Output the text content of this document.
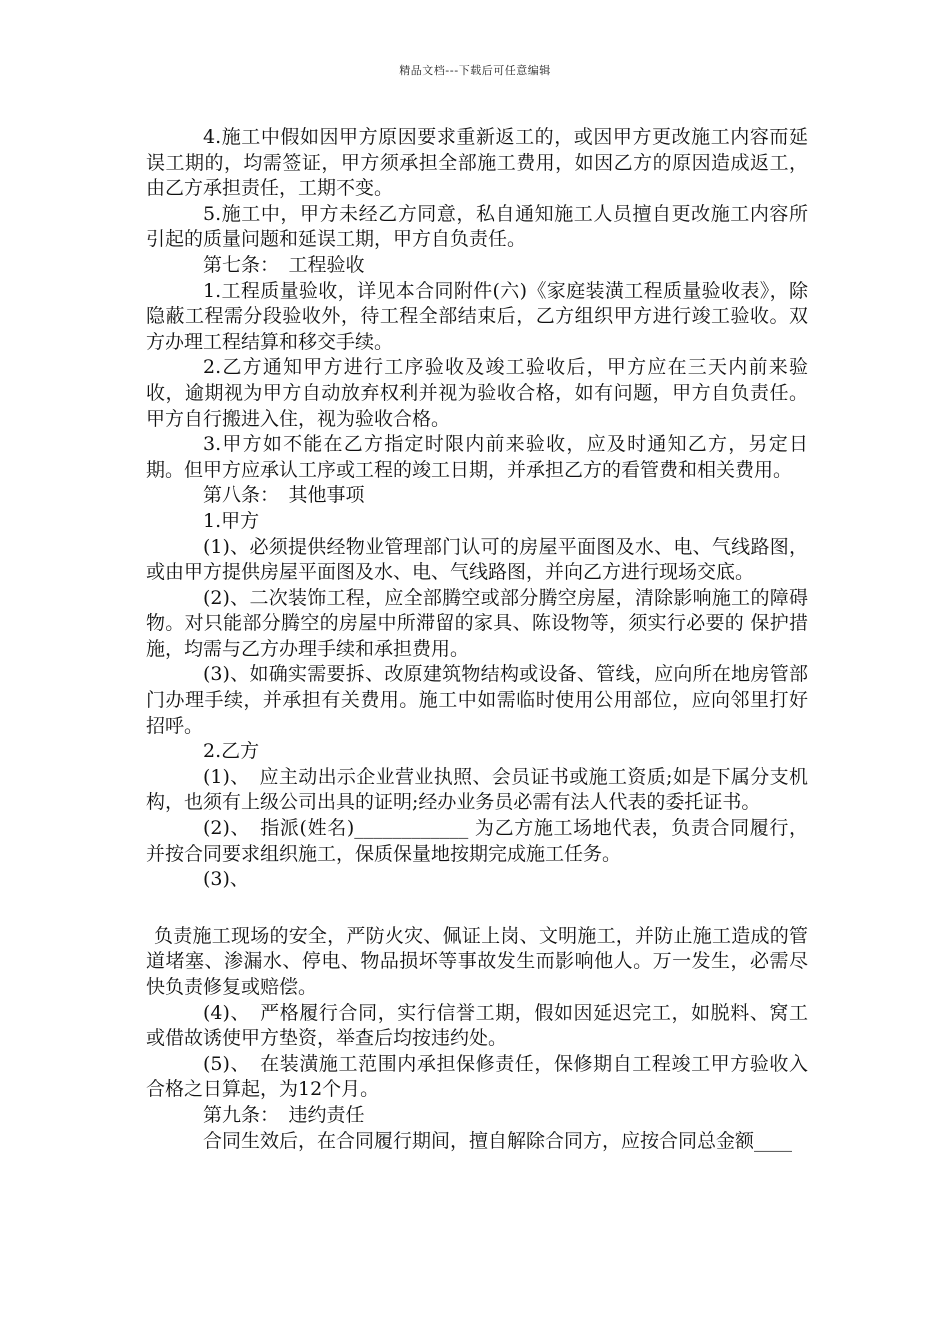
精品文档---下载后可任意编辑

4.施工中假如因甲方原因要求重新返工的，或因甲方更改施工内容而延误工期的，均需签证，甲方须承担全部施工费用，如因乙方的原因造成返工，由乙方承担责任，工期不变。

5.施工中，甲方未经乙方同意，私自通知施工人员擅自更改施工内容所引起的质量问题和延误工期，甲方自负责任。

第七条：　工程验收

1.工程质量验收，详见本合同附件(六)《家庭装潢工程质量验收表》，除隐蔽工程需分段验收外，待工程全部结束后，乙方组织甲方进行竣工验收。双方办理工程结算和移交手续。

2.乙方通知甲方进行工序验收及竣工验收后，甲方应在三天内前来验收，逾期视为甲方自动放弃权利并视为验收合格，如有问题，甲方自负责任。甲方自行搬进入住，视为验收合格。

3.甲方如不能在乙方指定时限内前来验收，应及时通知乙方，另定日期。但甲方应承认工序或工程的竣工日期，并承担乙方的看管费和相关费用。

第八条：　其他事项

1.甲方

(1)、必须提供经物业管理部门认可的房屋平面图及水、电、气线路图，或由甲方提供房屋平面图及水、电、气线路图，并向乙方进行现场交底。

(2)、二次装饰工程，应全部腾空或部分腾空房屋，清除影响施工的障碍物。对只能部分腾空的房屋中所滞留的家具、陈设物等，须实行必要的 保护措施，均需与乙方办理手续和承担费用。

(3)、如确实需要拆、改原建筑物结构或设备、管线，应向所在地房管部门办理手续，并承担有关费用。施工中如需临时使用公用部位，应向邻里打好招呼。

2.乙方

(1)、　应主动出示企业营业执照、会员证书或施工资质;如是下属分支机构，也须有上级公司出具的证明;经办业务员必需有法人代表的委托证书。

(2)、　指派(姓名)____________ 为乙方施工场地代表，负责合同履行，并按合同要求组织施工，保质保量地按期完成施工任务。

(3)、

负责施工现场的安全，严防火灾、佩证上岗、文明施工，并防止施工造成的管道堵塞、渗漏水、停电、物品损坏等事故发生而影响他人。万一发生，必需尽快负责修复或赔偿。

(4)、　严格履行合同，实行信誉工期，假如因延迟完工，如脱料、窝工或借故诱使甲方垫资，举查后均按违约处。

(5)、　在装潢施工范围内承担保修责任，保修期自工程竣工甲方验收入合格之日算起，为12个月。

第九条：　违约责任

合同生效后，在合同履行期间，擅自解除合同方，应按合同总金额____
